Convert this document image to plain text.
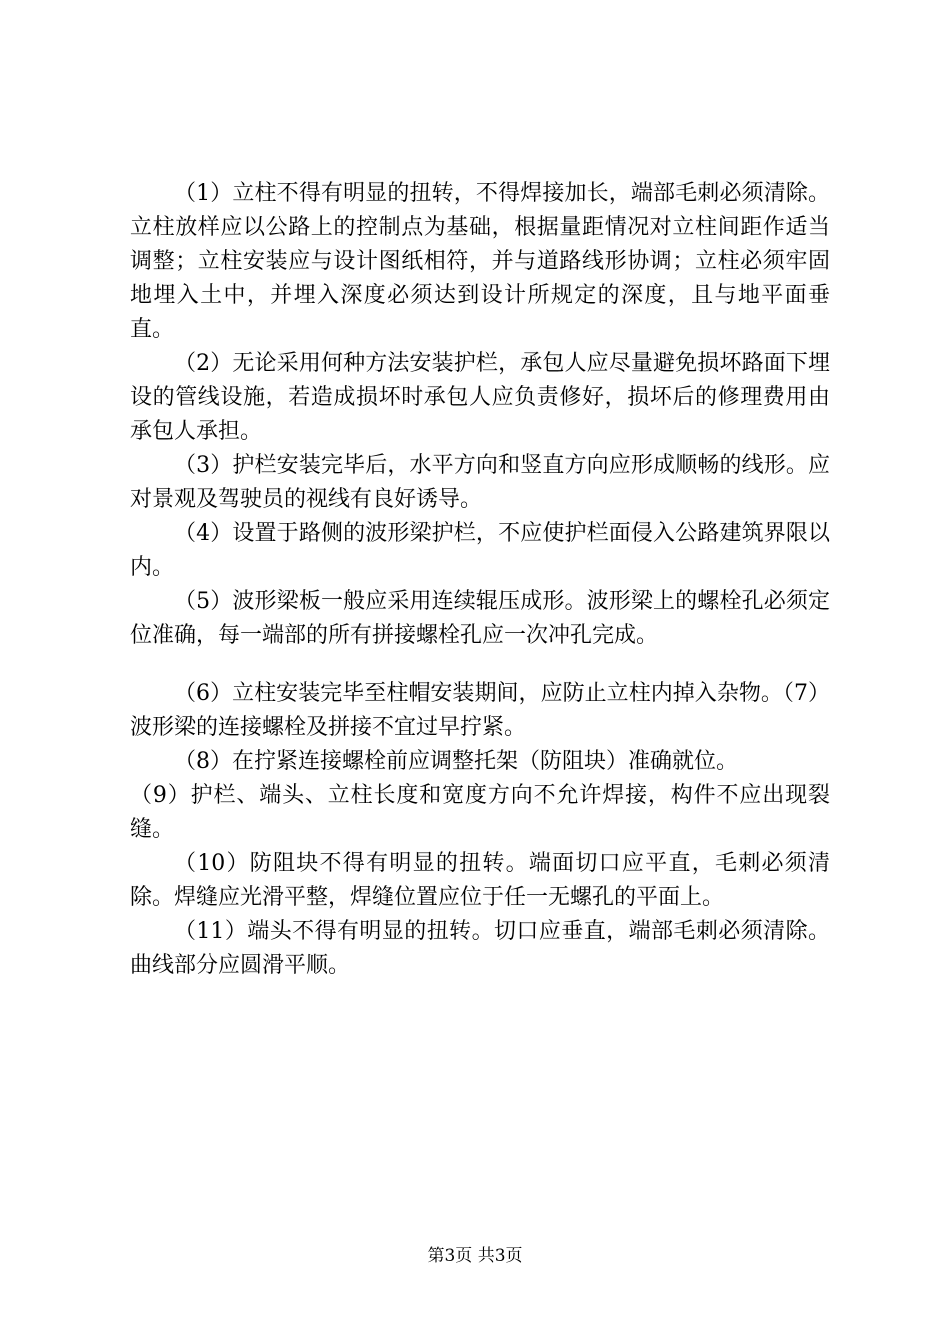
（1）立柱不得有明显的扭转，不得焊接加长，端部毛刺必须清除。立柱放样应以公路上的控制点为基础，根据量距情况对立柱间距作适当调整；立柱安装应与设计图纸相符，并与道路线形协调；立柱必须牢固地埋入土中，并埋入深度必须达到设计所规定的深度，且与地平面垂直。

（2）无论采用何种方法安装护栏，承包人应尽量避免损坏路面下埋设的管线设施，若造成损坏时承包人应负责修好，损坏后的修理费用由承包人承担。

（3）护栏安装完毕后，水平方向和竖直方向应形成顺畅的线形。应对景观及驾驶员的视线有良好诱导。

（4）设置于路侧的波形梁护栏，不应使护栏面侵入公路建筑界限以内。

（5）波形梁板一般应采用连续辊压成形。波形梁上的螺栓孔必须定位准确，每一端部的所有拼接螺栓孔应一次冲孔完成。

（6）立柱安装完毕至柱帽安装期间，应防止立柱内掉入杂物。（7）波形梁的连接螺栓及拼接不宜过早拧紧。

（8）在拧紧连接螺栓前应调整托架（防阻块）准确就位。

（9）护栏、端头、立柱长度和宽度方向不允许焊接，构件不应出现裂缝。

（10）防阻块不得有明显的扭转。端面切口应平直，毛刺必须清除。焊缝应光滑平整，焊缝位置应位于任一无螺孔的平面上。

（11）端头不得有明显的扭转。切口应垂直，端部毛刺必须清除。曲线部分应圆滑平顺。

第3页 共3页
